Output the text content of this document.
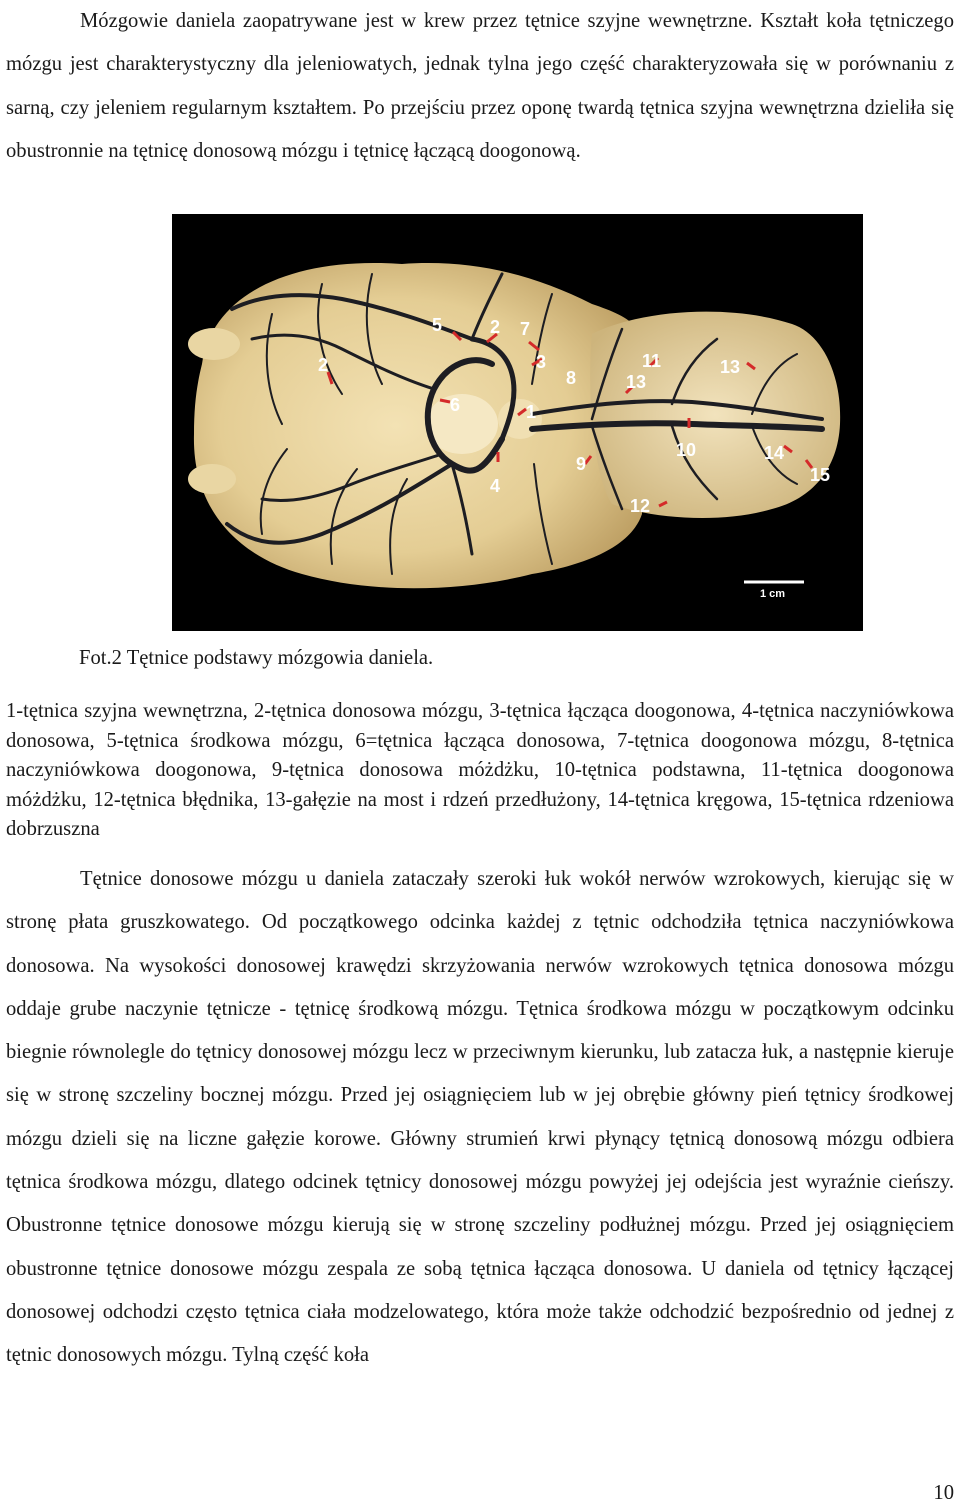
Mózgowie daniela zaopatrywane jest w krew przez tętnice szyjne wewnętrzne. Kształt koła tętniczego mózgu jest charakterystyczny dla jeleniowatych, jednak tylna jego część charakteryzowała się w porównaniu z sarną, czy jeleniem regularnym kształtem. Po przejściu przez oponę twardą tętnica szyjna wewnętrzna dzieliła się obustronnie na tętnicę donosową mózgu i tętnicę łączącą doogonową.

5	2 7
2	3
8
6	1
11
13
13
9
10	14
15
4
12
1 cm

Fot.2 Tętnice podstawy mózgowia daniela.

1-tętnica szyjna wewnętrzna, 2-tętnica donosowa mózgu, 3-tętnica łącząca doogonowa, 4-tętnica naczyniówkowa donosowa, 5-tętnica środkowa mózgu, 6=tętnica łącząca donosowa, 7-tętnica doogonowa mózgu, 8-tętnica naczyniówkowa doogonowa, 9-tętnica donosowa móżdżku, 10-tętnica podstawna, 11-tętnica doogonowa móżdżku, 12-tętnica błędnika, 13-gałęzie na most i rdzeń przedłużony, 14-tętnica kręgowa, 15-tętnica rdzeniowa dobrzuszna

Tętnice donosowe mózgu u daniela zataczały szeroki łuk wokół nerwów wzrokowych, kierując się w stronę płata gruszkowatego. Od początkowego odcinka każdej z tętnic odchodziła tętnica naczyniówkowa donosowa. Na wysokości donosowej krawędzi skrzyżowania nerwów wzrokowych tętnica donosowa mózgu oddaje grube naczynie tętnicze - tętnicę środkową mózgu. Tętnica środkowa mózgu w początkowym odcinku biegnie równolegle do tętnicy donosowej mózgu lecz w przeciwnym kierunku, lub zatacza łuk, a następnie kieruje się w stronę szczeliny bocznej mózgu. Przed jej osiągnięciem lub w jej obrębie główny pień tętnicy środkowej mózgu dzieli się na liczne gałęzie korowe. Główny strumień krwi płynący tętnicą donosową mózgu odbiera tętnica środkowa mózgu, dlatego odcinek tętnicy donosowej mózgu powyżej jej odejścia jest wyraźnie cieńszy. Obustronne tętnice donosowe mózgu kierują się w stronę szczeliny podłużnej mózgu. Przed jej osiągnięciem obustronne tętnice donosowe mózgu zespala ze sobą tętnica łącząca donosowa. U daniela od tętnicy łączącej donosowej odchodzi często tętnica ciała modzelowatego, która może także odchodzić bezpośrednio od jednej z tętnic donosowych mózgu. Tylną część koła

10
